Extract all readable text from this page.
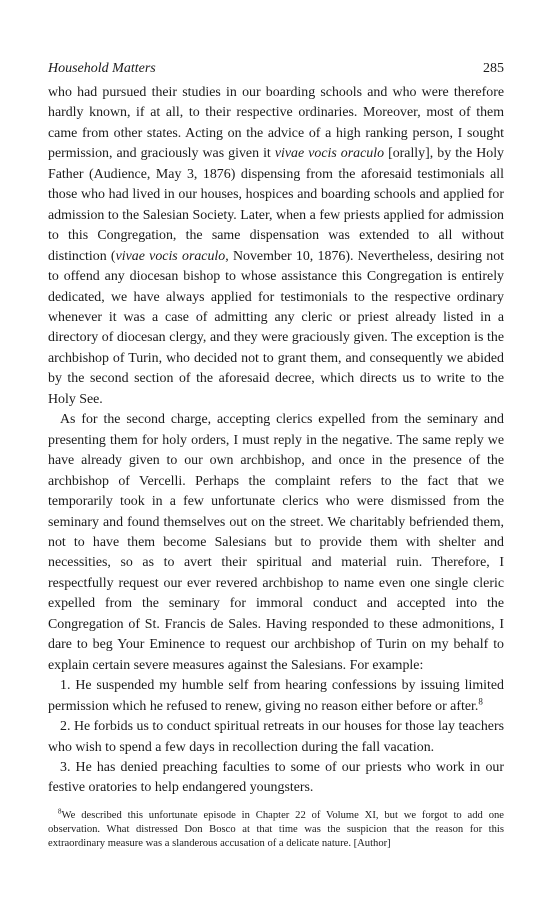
Household Matters	285

who had pursued their studies in our boarding schools and who were therefore hardly known, if at all, to their respective ordinaries. Moreover, most of them came from other states. Acting on the advice of a high ranking person, I sought permission, and graciously was given it vivae vocis oraculo [orally], by the Holy Father (Audience, May 3, 1876) dispensing from the aforesaid testimonials all those who had lived in our houses, hospices and boarding schools and applied for admission to the Salesian Society. Later, when a few priests applied for admission to this Congregation, the same dispensation was extended to all without distinction (vivae vocis oraculo, November 10, 1876). Nevertheless, desiring not to offend any diocesan bishop to whose assistance this Congregation is entirely dedicated, we have always applied for testimonials to the respective ordinary whenever it was a case of admitting any cleric or priest already listed in a directory of diocesan clergy, and they were graciously given. The exception is the archbishop of Turin, who decided not to grant them, and consequently we abided by the second section of the aforesaid decree, which directs us to write to the Holy See.

As for the second charge, accepting clerics expelled from the seminary and presenting them for holy orders, I must reply in the negative. The same reply we have already given to our own archbishop, and once in the presence of the archbishop of Vercelli. Perhaps the complaint refers to the fact that we temporarily took in a few unfortunate clerics who were dismissed from the seminary and found themselves out on the street. We charitably befriended them, not to have them become Salesians but to provide them with shelter and necessities, so as to avert their spiritual and material ruin. Therefore, I respectfully request our ever revered archbishop to name even one single cleric expelled from the seminary for immoral conduct and accepted into the Congregation of St. Francis de Sales. Having responded to these admonitions, I dare to beg Your Eminence to request our archbishop of Turin on my behalf to explain certain severe measures against the Salesians. For example:

1. He suspended my humble self from hearing confessions by issuing limited permission which he refused to renew, giving no reason either before or after.$^8$

2. He forbids us to conduct spiritual retreats in our houses for those lay teachers who wish to spend a few days in recollection during the fall vacation.

3. He has denied preaching faculties to some of our priests who work in our festive oratories to help endangered youngsters.

$^8$We described this unfortunate episode in Chapter 22 of Volume XI, but we forgot to add one observation. What distressed Don Bosco at that time was the suspicion that the reason for this extraordinary measure was a slanderous accusation of a delicate nature. [Author]
